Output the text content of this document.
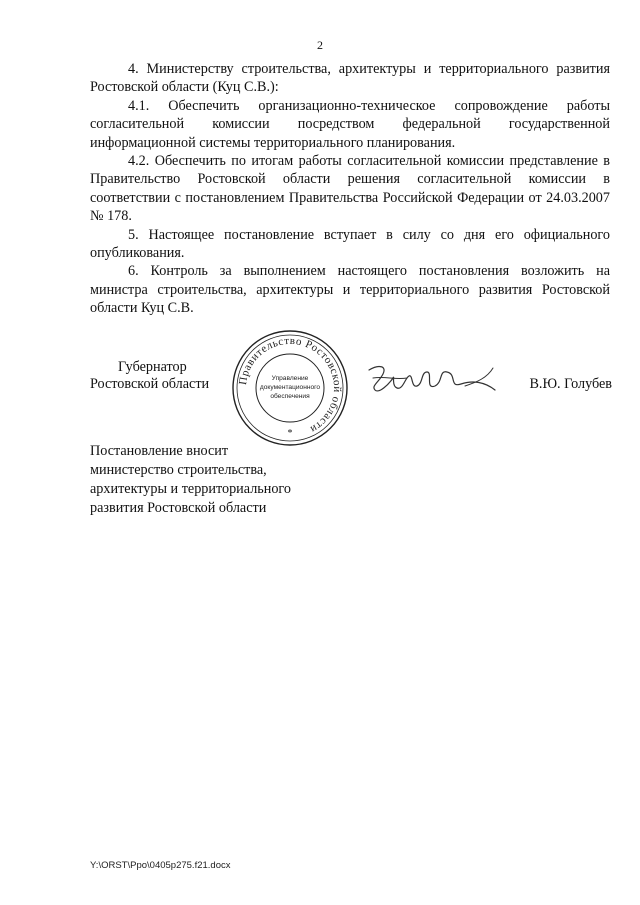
2

4. Министерству строительства, архитектуры и территориального развития Ростовской области (Куц С.В.):

4.1. Обеспечить организационно-техническое сопровождение работы согласительной комиссии посредством федеральной государственной информационной системы территориального планирования.

4.2. Обеспечить по итогам работы согласительной комиссии представление в Правительство Ростовской области решения согласительной комиссии в соответствии с постановлением Правительства Российской Федерации от 24.03.2007 № 178.

5. Настоящее постановление вступает в силу со дня его официального опубликования.

6. Контроль за выполнением настоящего постановления возложить на министра строительства, архитектуры и территориального развития Ростовской области Куц С.В.

Губернатор
Ростовской области	Правительство Ростовской области
Управление
документационного
обеспечения
*
В.Ю. Голубев
Постановление вносит
министерство строительства,
архитектуры и территориального
развития Ростовской области
Y:\ORST\Ppo\0405p275.f21.docx
